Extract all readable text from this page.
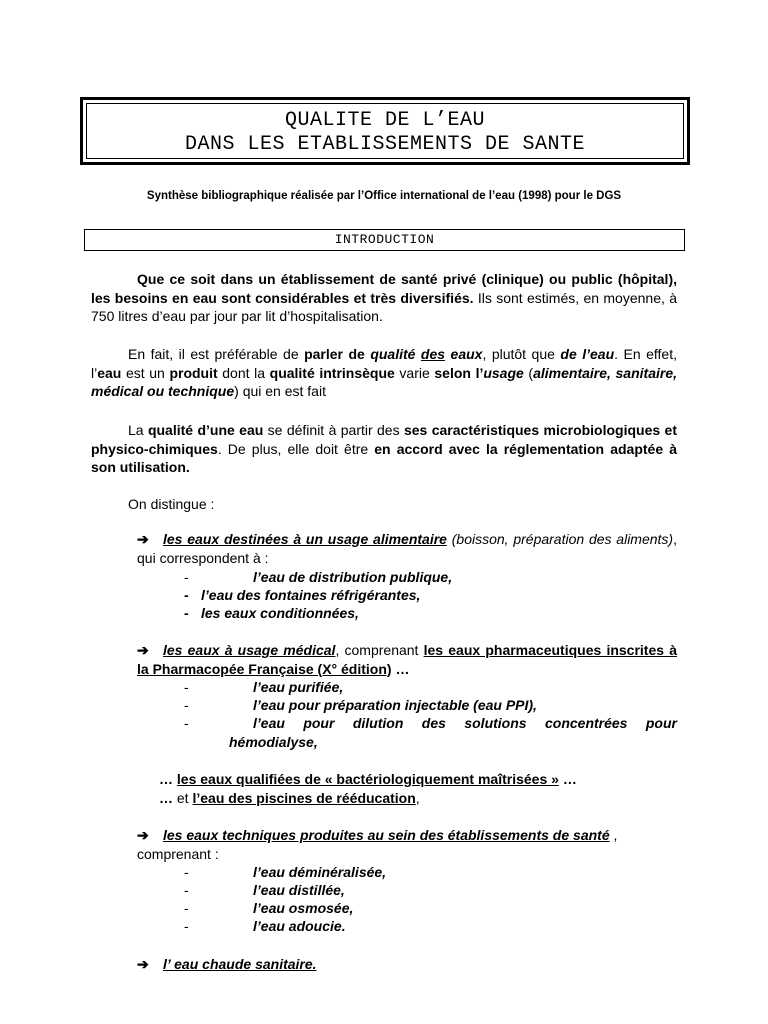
QUALITE DE L’EAU
DANS LES ETABLISSEMENTS DE SANTE
Synthèse bibliographique réalisée par l’Office international de l’eau (1998) pour le DGS
INTRODUCTION
Que ce soit dans un établissement de santé privé (clinique) ou public (hôpital), les besoins en eau sont considérables et très diversifiés. Ils sont estimés, en moyenne, à 750 litres d’eau par jour par lit d’hospitalisation.
En fait, il est préférable de parler de qualité des eaux, plutôt que de l’eau. En effet, l’eau est un produit dont la qualité intrinsèque varie selon l’usage (alimentaire, sanitaire, médical ou technique) qui en est fait
La qualité d’une eau se définit à partir des ses caractéristiques microbiologiques et physico-chimiques. De plus, elle doit être en accord avec la réglementation adaptée à son utilisation.
On distingue :
➔ les eaux destinées à un usage alimentaire (boisson, préparation des aliments), qui correspondent à :
-	l’eau de distribution publique,
- l’eau des fontaines réfrigérantes,
- les eaux conditionnées,
➔ les eaux à usage médical, comprenant les eaux pharmaceutiques inscrites à la Pharmacopée Française (X° édition) …
-	l’eau purifiée,
-	l’eau pour préparation injectable (eau PPI),
-	l’eau pour dilution des solutions concentrées pour
hémodialyse,
… les eaux qualifiées de « bactériologiquement maîtrisées » …
… et l’eau des piscines de rééducation,
➔ les eaux techniques produites au sein des établissements de santé ,
comprenant :
-	l’eau déminéralisée,
-	l’eau distillée,
-	l’eau osmosée,
-	l’eau adoucie.
➔ l’ eau chaude sanitaire.
